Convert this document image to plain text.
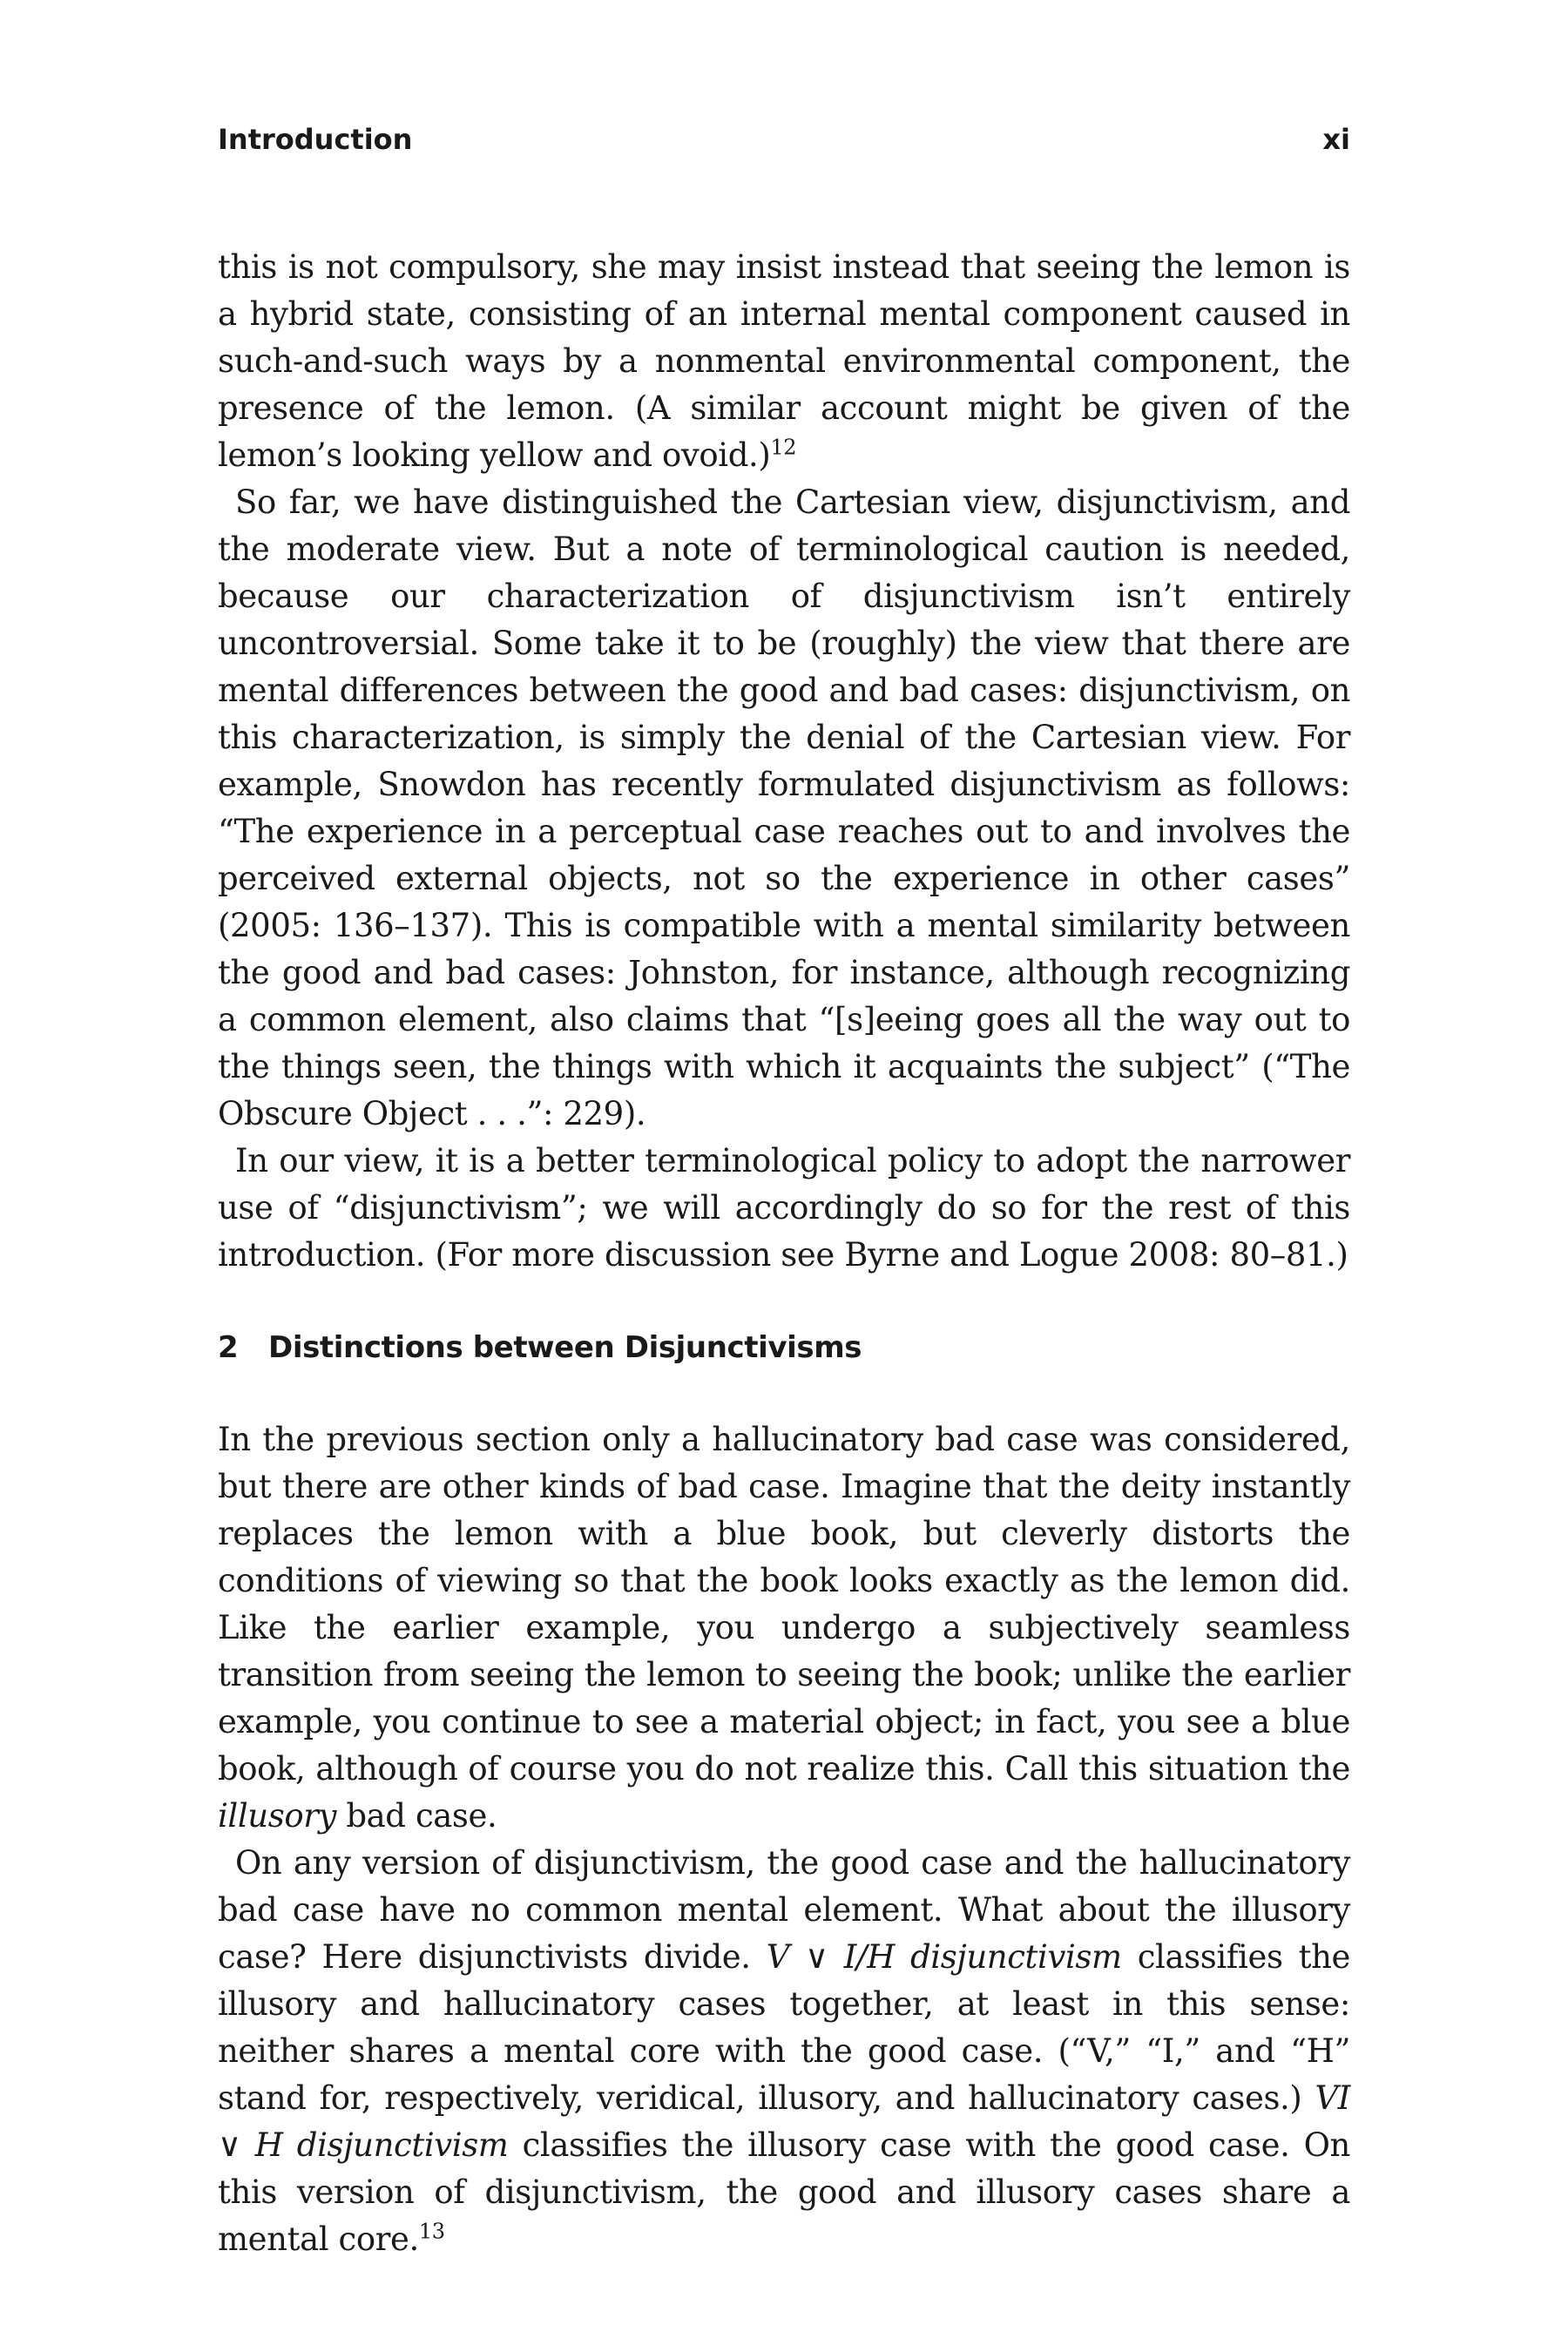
Introduction	xi

this is not compulsory, she may insist instead that seeing the lemon is a hybrid state, consisting of an internal mental component caused in such-and-such ways by a nonmental environmental component, the presence of the lemon. (A similar account might be given of the lemon’s looking yellow and ovoid.)$^{12}$

So far, we have distinguished the Cartesian view, disjunctivism, and the moderate view. But a note of terminological caution is needed, because our characterization of disjunctivism isn’t entirely uncontroversial. Some take it to be (roughly) the view that there are mental differences between the good and bad cases: disjunctivism, on this characterization, is simply the denial of the Cartesian view. For example, Snowdon has recently formulated disjunctivism as follows: “The experience in a perceptual case reaches out to and involves the perceived external objects, not so the experience in other cases” (2005: 136–137). This is compatible with a mental similarity between the good and bad cases: Johnston, for instance, although recognizing a common element, also claims that “[s]eeing goes all the way out to the things seen, the things with which it acquaints the subject” (“The Obscure Object . . .”: 229).

In our view, it is a better terminological policy to adopt the narrower use of “disjunctivism”; we will accordingly do so for the rest of this introduction. (For more discussion see Byrne and Logue 2008: 80–81.)

2 Distinctions between Disjunctivisms

In the previous section only a hallucinatory bad case was considered, but there are other kinds of bad case. Imagine that the deity instantly replaces the lemon with a blue book, but cleverly distorts the conditions of viewing so that the book looks exactly as the lemon did. Like the earlier example, you undergo a subjectively seamless transition from seeing the lemon to seeing the book; unlike the earlier example, you continue to see a material object; in fact, you see a blue book, although of course you do not realize this. Call this situation the illusory bad case.

On any version of disjunctivism, the good case and the hallucinatory bad case have no common mental element. What about the illusory case? Here disjunctivists divide. V ∨ I/H disjunctivism classifies the illusory and hallucinatory cases together, at least in this sense: neither shares a mental core with the good case. (“V,” “I,” and “H” stand for, respectively, veridical, illusory, and hallucinatory cases.) VI ∨ H disjunctivism classifies the illusory case with the good case. On this version of disjunctivism, the good and illusory cases share a mental core.$^{13}$
